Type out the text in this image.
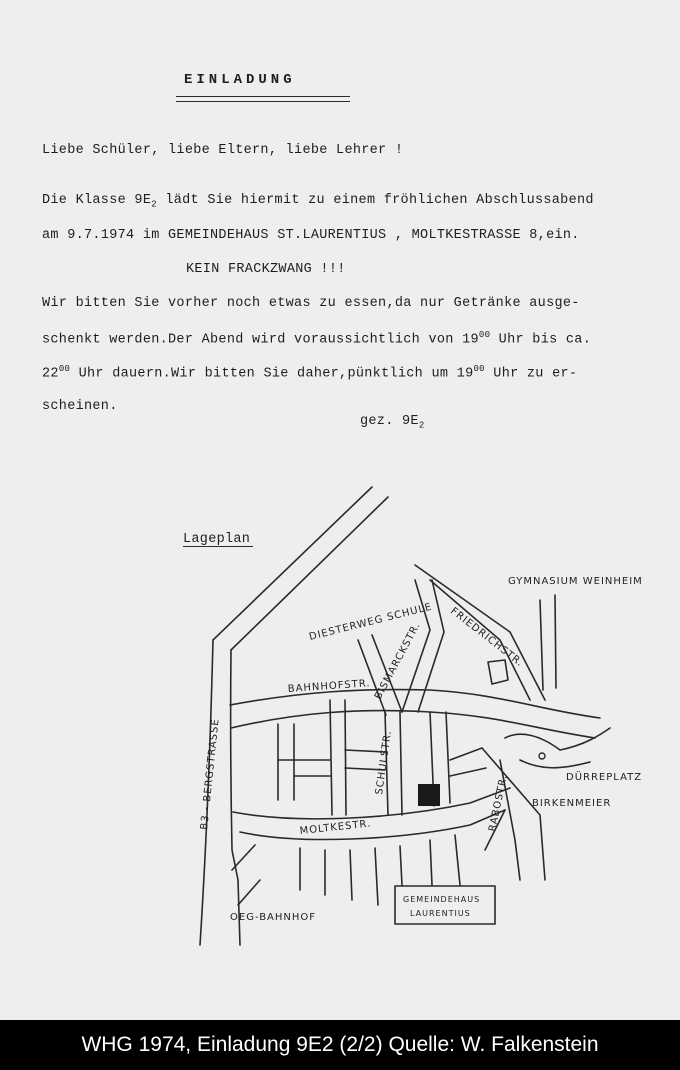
EINLADUNG
Liebe Schüler, liebe Eltern, liebe Lehrer !
Die Klasse $9E_2$ lädt Sie hiermit zu einem fröhlichen Abschlussabend
am 9.7.1974 im GEMEINDEHAUS ST.LAURENTIUS , MOLTKESTRASSE 8,ein.
KEIN FRACKZWANG !!!
Wir bitten Sie vorher noch etwas zu essen,da nur Getränke ausge-
schenkt werden.Der Abend wird voraussichtlich von $19^{00}$ Uhr bis ca.
$22^{00}$ Uhr dauern.Wir bitten Sie daher,pünktlich um $19^{00}$ Uhr zu er-
scheinen.
gez. $9E_2$
Lageplan
GYMNASIUM WEINHEIM
DIESTERWEG SCHULE FRIEDRICHSTR.
BISMARCKSTR.
BAHNHOFSTR.
B3 - BERGSTRASSE	SCHULSTR.
MOLTKESTR.
DÜRREPLATZ
BIRKENMEIER
RABOSTR.
OEG-BAHNHOF
GEMEINDEHAUS
LAURENTIUS
WHG 1974, Einladung 9E2 (2/2) Quelle: W. Falkenstein
